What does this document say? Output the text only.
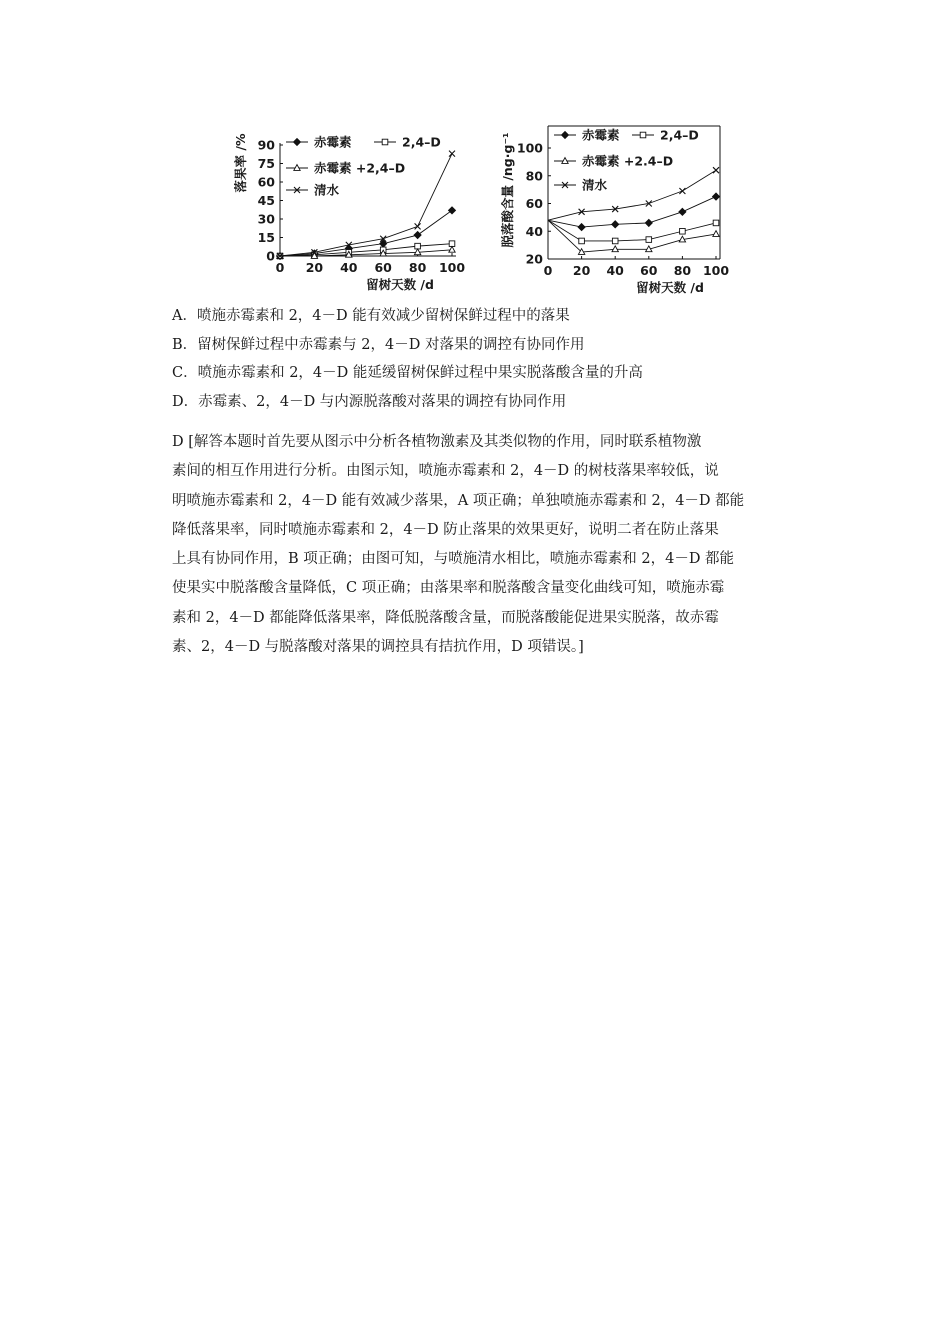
0 20 40 60 80 100
0
15
30
45
60
75
90
留树天数 /d
落果率 /%	赤霉素	2,4–D
赤霉素 +2,4–D
清水
0 20 40 60 80 100
20
40
60
80
100
留树天数 /d
脱落酸含量 /ng·g⁻¹	赤霉素	2,4–D
赤霉素 +2.4–D
清水
A．喷施赤霉素和 2，4－D 能有效减少留树保鲜过程中的落果
B．留树保鲜过程中赤霉素与 2，4－D 对落果的调控有协同作用
C．喷施赤霉素和 2，4－D 能延缓留树保鲜过程中果实脱落酸含量的升高
D．赤霉素、2，4－D 与内源脱落酸对落果的调控有协同作用

D [解答本题时首先要从图示中分析各植物激素及其类似物的作用，同时联系植物激

素间的相互作用进行分析。由图示知，喷施赤霉素和 2，4－D 的树枝落果率较低，说

明喷施赤霉素和 2，4－D 能有效减少落果，A 项正确；单独喷施赤霉素和 2，4－D 都能

降低落果率，同时喷施赤霉素和 2，4－D 防止落果的效果更好，说明二者在防止落果

上具有协同作用，B 项正确；由图可知，与喷施清水相比，喷施赤霉素和 2，4－D 都能

使果实中脱落酸含量降低，C 项正确；由落果率和脱落酸含量变化曲线可知，喷施赤霉

素和 2，4－D 都能降低落果率，降低脱落酸含量，而脱落酸能促进果实脱落，故赤霉

素、2，4－D 与脱落酸对落果的调控具有拮抗作用，D 项错误。]
